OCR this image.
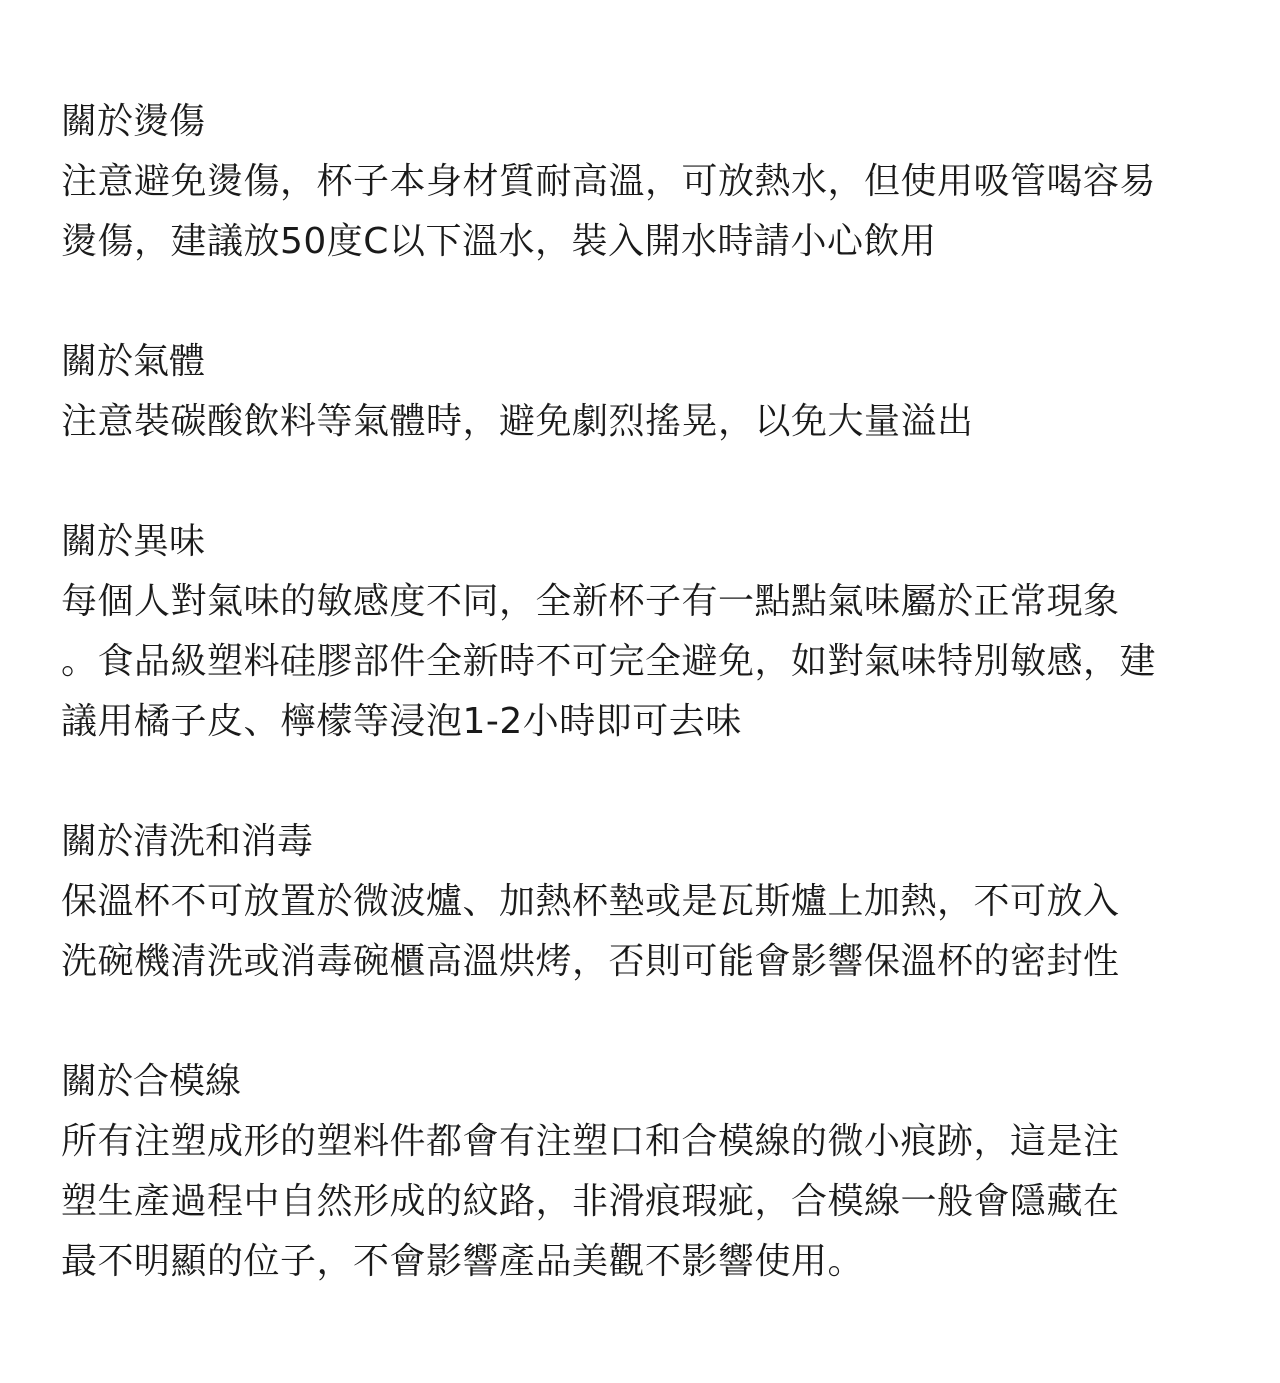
關於燙傷

注意避免燙傷，杯子本身材質耐高溫，可放熱水，但使用吸管喝容易

燙傷，建議放50度C以下溫水，裝入開水時請小心飲用

關於氣體

注意裝碳酸飲料等氣體時，避免劇烈搖晃，以免大量溢出

關於異味

每個人對氣味的敏感度不同，全新杯子有一點點氣味屬於正常現象

。食品級塑料硅膠部件全新時不可完全避免，如對氣味特別敏感，建

議用橘子皮、檸檬等浸泡1-2小時即可去味

關於清洗和消毒

保溫杯不可放置於微波爐、加熱杯墊或是瓦斯爐上加熱，不可放入

洗碗機清洗或消毒碗櫃高溫烘烤，否則可能會影響保溫杯的密封性

關於合模線

所有注塑成形的塑料件都會有注塑口和合模線的微小痕跡，這是注

塑生產過程中自然形成的紋路，非滑痕瑕疵，合模線一般會隱藏在

最不明顯的位子，不會影響產品美觀不影響使用。
